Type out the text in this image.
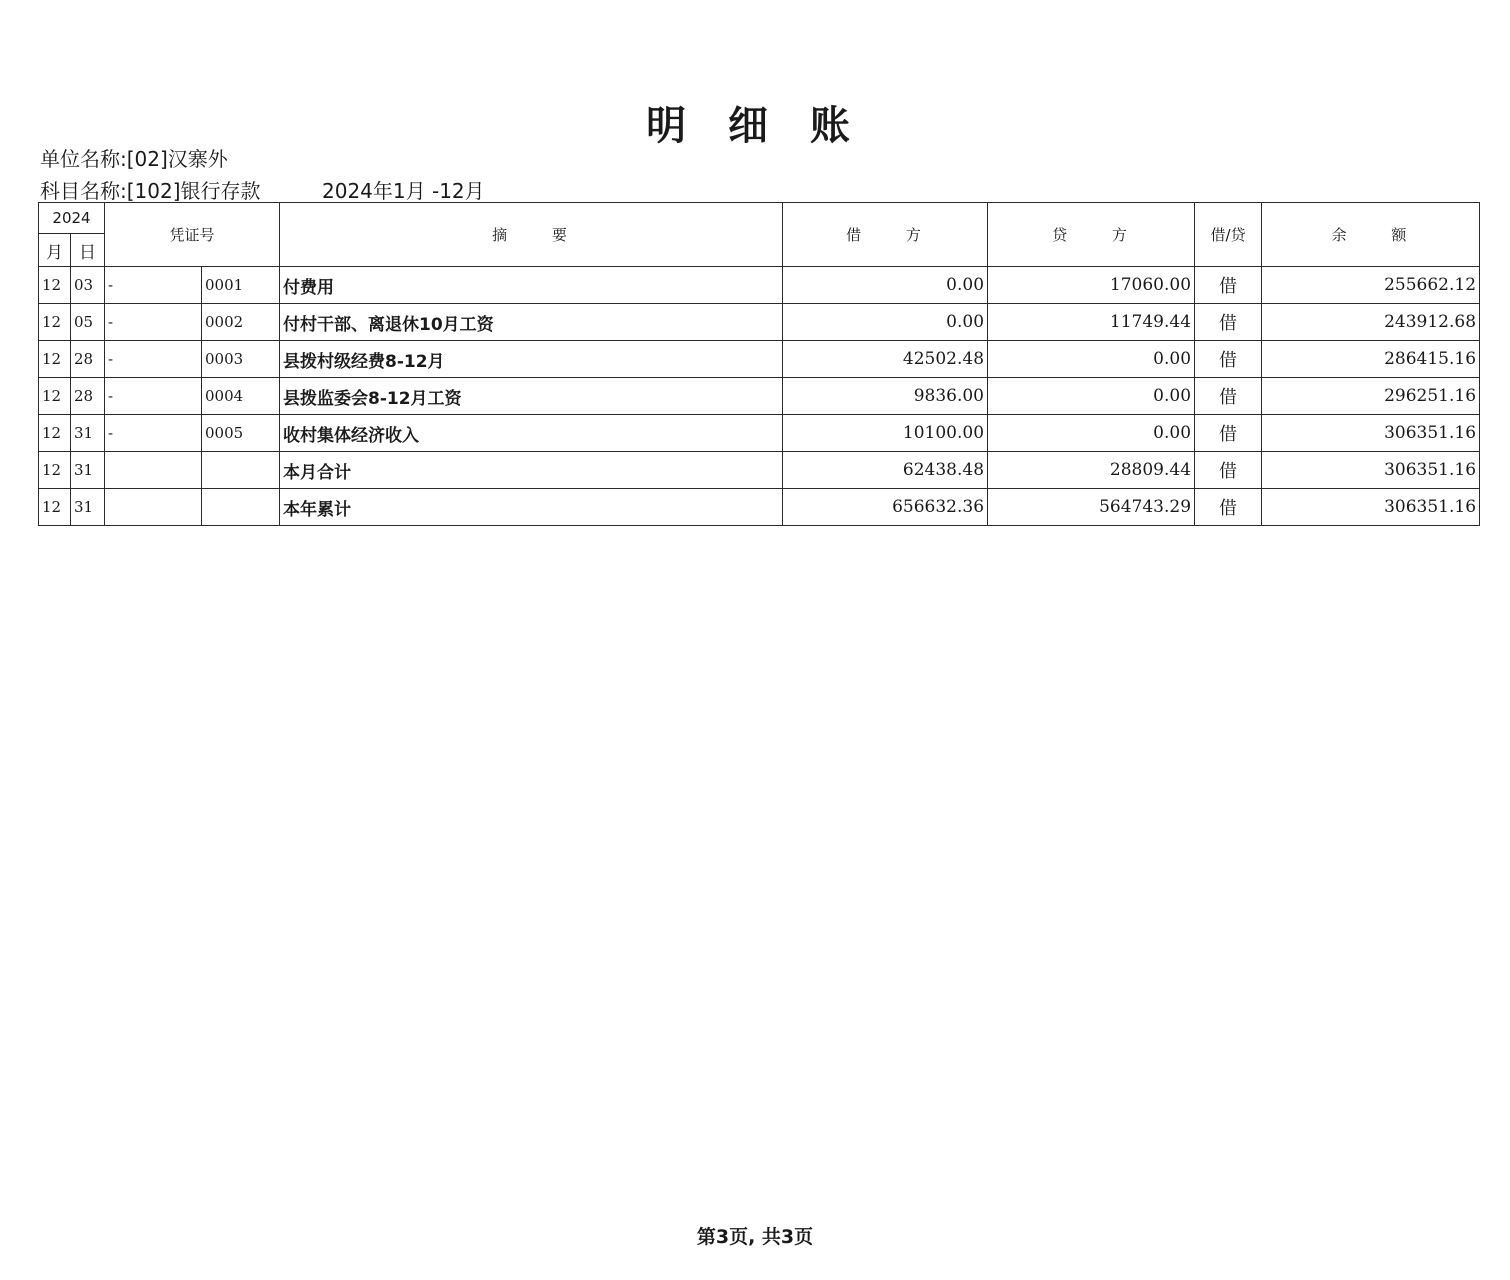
明 细 账
单位名称:[02]汉寨外
科目名称:[102]银行存款	2024年1月 -12月
2024		凭证号		摘 要	借 方	贷 方	借/贷	余 额
月	日							
12	03	-	0001	付费用	0.00	17060.00	借	255662.12
12	05	-	0002	付村干部、离退休10月工资	0.00	11749.44	借	243912.68
12	28	-	0003	县拨村级经费8-12月	42502.48	0.00	借	286415.16
12	28	-	0004	县拨监委会8-12月工资	9836.00	0.00	借	296251.16
12	31	-	0005	收村集体经济收入	10100.00	0.00	借	306351.16
12	31			本月合计	62438.48	28809.44	借	306351.16
12	31			本年累计	656632.36	564743.29	借	306351.16
第3页, 共3页
